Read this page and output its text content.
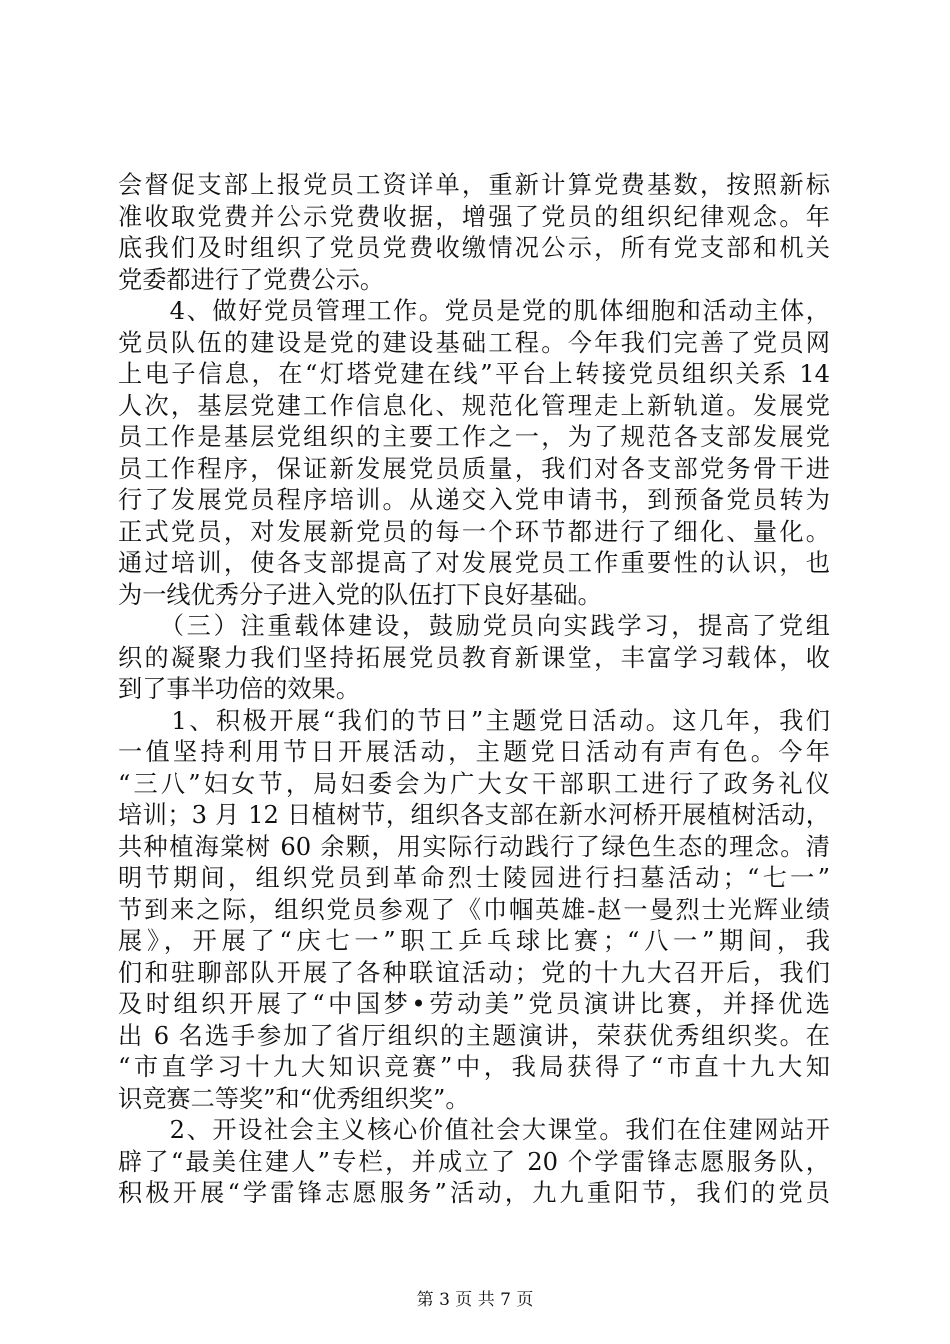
会督促支部上报党员工资详单，重新计算党费基数，按照新标
准收取党费并公示党费收据，增强了党员的组织纪律观念。年
底我们及时组织了党员党费收缴情况公示，所有党支部和机关
党委都进行了党费公示。
　　4、做好党员管理工作。党员是党的肌体细胞和活动主体，
党员队伍的建设是党的建设基础工程。今年我们完善了党员网
上电子信息，在“灯塔党建在线”平台上转接党员组织关系 14
人次，基层党建工作信息化、规范化管理走上新轨道。发展党
员工作是基层党组织的主要工作之一，为了规范各支部发展党
员工作程序，保证新发展党员质量，我们对各支部党务骨干进
行了发展党员程序培训。从递交入党申请书，到预备党员转为
正式党员，对发展新党员的每一个环节都进行了细化、量化。
通过培训，使各支部提高了对发展党员工作重要性的认识，也
为一线优秀分子进入党的队伍打下良好基础。
　　（三）注重载体建设，鼓励党员向实践学习，提高了党组
织的凝聚力我们坚持拓展党员教育新课堂，丰富学习载体，收
到了事半功倍的效果。
　　1、积极开展“我们的节日”主题党日活动。这几年，我们
一值坚持利用节日开展活动，主题党日活动有声有色。今年
“三八”妇女节，局妇委会为广大女干部职工进行了政务礼仪
培训；3 月 12 日植树节，组织各支部在新水河桥开展植树活动，
共种植海棠树 60 余颗，用实际行动践行了绿色生态的理念。清
明节期间，组织党员到革命烈士陵园进行扫墓活动；“七一”
节到来之际，组织党员参观了《巾帼英雄-赵一曼烈士光辉业绩
展》，开展了“庆七一”职工乒乓球比赛；“八一”期间，我
们和驻聊部队开展了各种联谊活动；党的十九大召开后，我们
及时组织开展了“中国梦•劳动美”党员演讲比赛，并择优选
出 6 名选手参加了省厅组织的主题演讲，荣获优秀组织奖。在
“市直学习十九大知识竞赛”中，我局获得了“市直十九大知
识竞赛二等奖”和“优秀组织奖”。
　　2、开设社会主义核心价值社会大课堂。我们在住建网站开
辟了“最美住建人”专栏，并成立了 20 个学雷锋志愿服务队，
积极开展“学雷锋志愿服务”活动，九九重阳节，我们的党员
第 3 页 共 7 页
